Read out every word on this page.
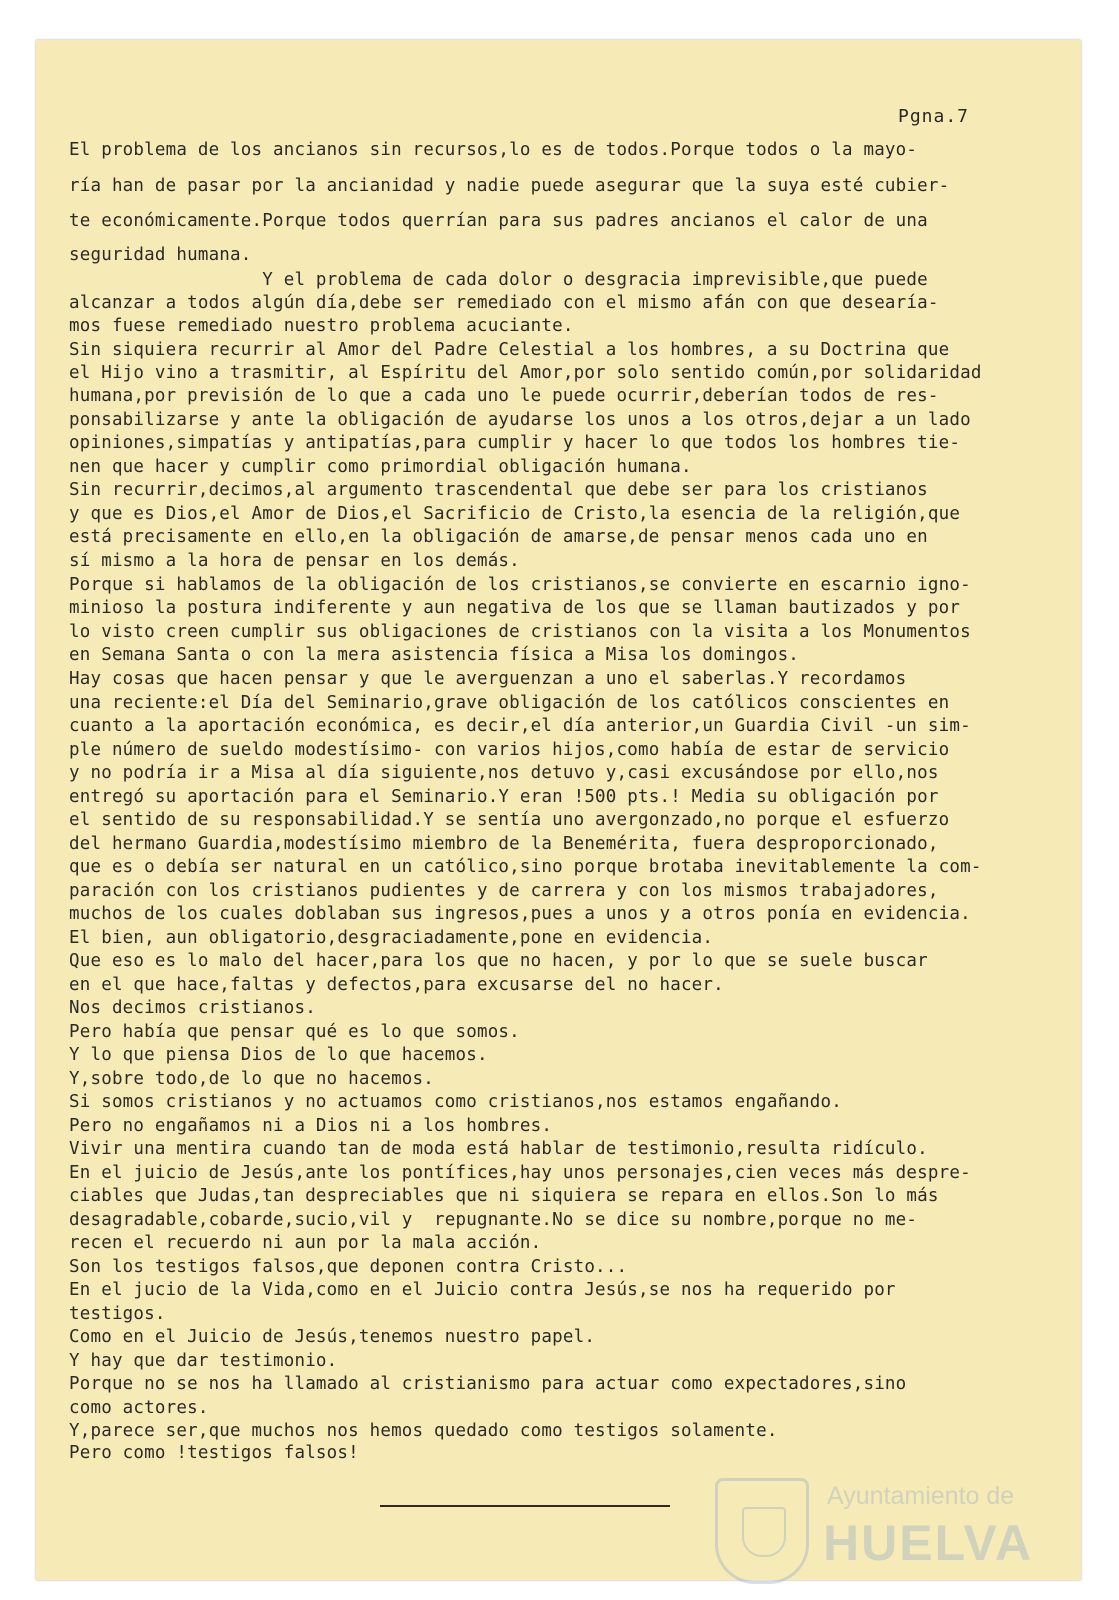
Pgna.7
El problema de los ancianos sin recursos,lo es de todos.Porque todos o la mayo-
ría han de pasar por la ancianidad y nadie puede asegurar que la suya esté cubier-
te económicamente.Porque todos querrían para sus padres ancianos el calor de una
seguridad humana.
Y el problema de cada dolor o desgracia imprevisible,que puede
alcanzar a todos algún día,debe ser remediado con el mismo afán con que desearía-
mos fuese remediado nuestro problema acuciante.
Sin siquiera recurrir al Amor del Padre Celestial a los hombres, a su Doctrina que
el Hijo vino a trasmitir, al Espíritu del Amor,por solo sentido común,por solidaridad
humana,por previsión de lo que a cada uno le puede ocurrir,deberían todos de res-
ponsabilizarse y ante la obligación de ayudarse los unos a los otros,dejar a un lado
opiniones,simpatías y antipatías,para cumplir y hacer lo que todos los hombres tie-
nen que hacer y cumplir como primordial obligación humana.
Sin recurrir,decimos,al argumento trascendental que debe ser para los cristianos
y que es Dios,el Amor de Dios,el Sacrificio de Cristo,la esencia de la religión,que
está precisamente en ello,en la obligación de amarse,de pensar menos cada uno en
sí mismo a la hora de pensar en los demás.
Porque si hablamos de la obligación de los cristianos,se convierte en escarnio igno-
minioso la postura indiferente y aun negativa de los que se llaman bautizados y por
lo visto creen cumplir sus obligaciones de cristianos con la visita a los Monumentos
en Semana Santa o con la mera asistencia física a Misa los domingos.
Hay cosas que hacen pensar y que le averguenzan a uno el saberlas.Y recordamos
una reciente:el Día del Seminario,grave obligación de los católicos conscientes en
cuanto a la aportación económica, es decir,el día anterior,un Guardia Civil -un sim-
ple número de sueldo modestísimo- con varios hijos,como había de estar de servicio
y no podría ir a Misa al día siguiente,nos detuvo y,casi excusándose por ello,nos
entregó su aportación para el Seminario.Y eran !500 pts.! Media su obligación por
el sentido de su responsabilidad.Y se sentía uno avergonzado,no porque el esfuerzo
del hermano Guardia,modestísimo miembro de la Benemérita, fuera desproporcionado,
que es o debía ser natural en un católico,sino porque brotaba inevitablemente la com-
paración con los cristianos pudientes y de carrera y con los mismos trabajadores,
muchos de los cuales doblaban sus ingresos,pues a unos y a otros ponía en evidencia.
El bien, aun obligatorio,desgraciadamente,pone en evidencia.
Que eso es lo malo del hacer,para los que no hacen, y por lo que se suele buscar
en el que hace,faltas y defectos,para excusarse del no hacer.
Nos decimos cristianos.
Pero había que pensar qué es lo que somos.
Y lo que piensa Dios de lo que hacemos.
Y,sobre todo,de lo que no hacemos.
Si somos cristianos y no actuamos como cristianos,nos estamos engañando.
Pero no engañamos ni a Dios ni a los hombres.
Vivir una mentira cuando tan de moda está hablar de testimonio,resulta ridículo.
En el juicio de Jesús,ante los pontífices,hay unos personajes,cien veces más despre-
ciables que Judas,tan despreciables que ni siquiera se repara en ellos.Son lo más
desagradable,cobarde,sucio,vil y  repugnante.No se dice su nombre,porque no me-
recen el recuerdo ni aun por la mala acción.
Son los testigos falsos,que deponen contra Cristo...
En el jucio de la Vida,como en el Juicio contra Jesús,se nos ha requerido por
testigos.
Como en el Juicio de Jesús,tenemos nuestro papel.
Y hay que dar testimonio.
Porque no se nos ha llamado al cristianismo para actuar como expectadores,sino
como actores.
Y,parece ser,que muchos nos hemos quedado como testigos solamente.
Pero como !testigos falsos!
Ayuntamiento de
HUELVA
